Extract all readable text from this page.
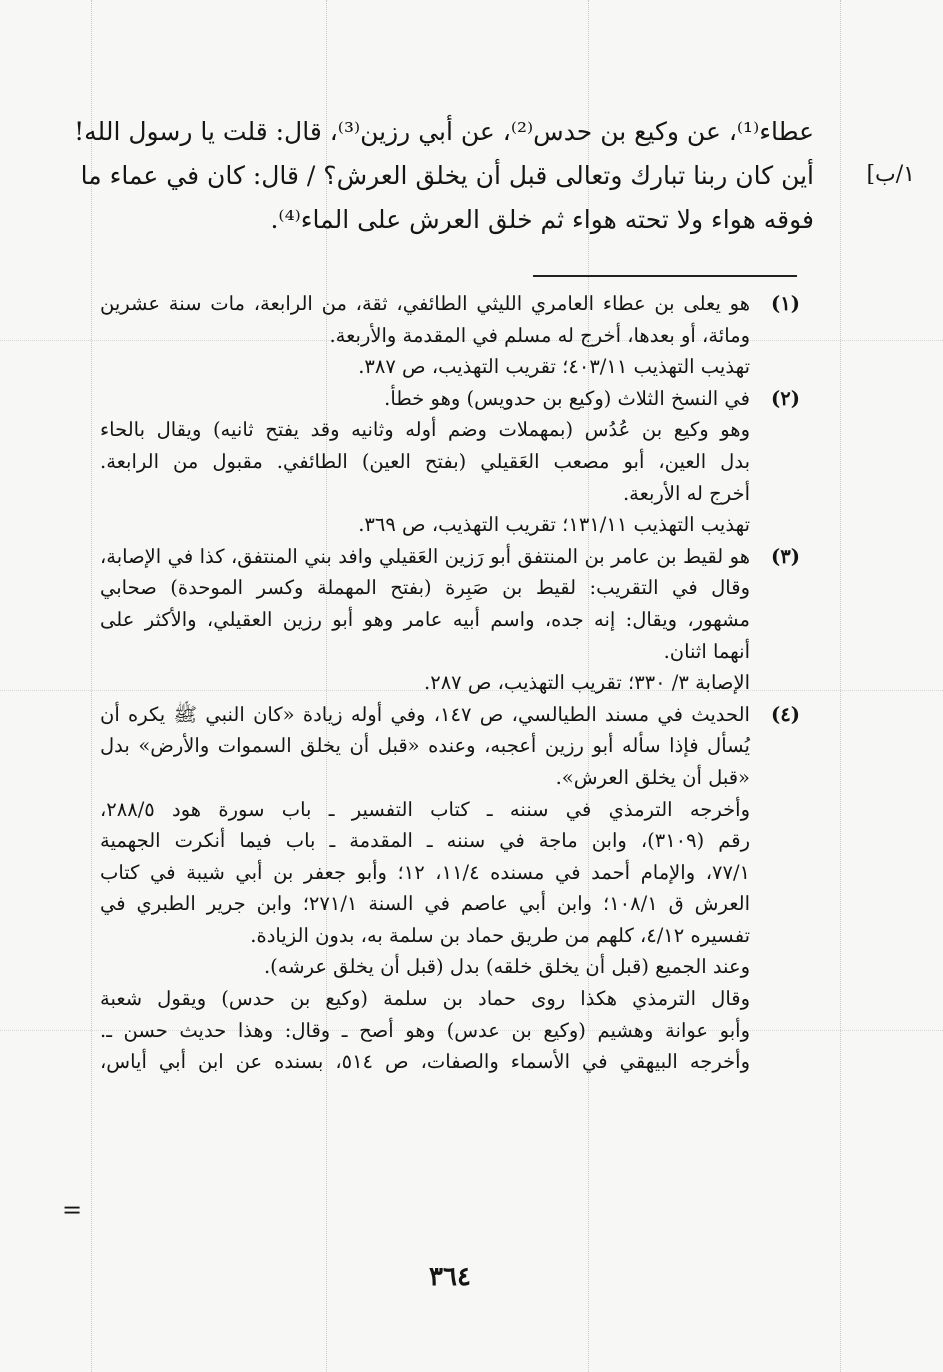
١/ب]
عطاء⁽¹⁾، عن وكيع بن حدس⁽²⁾، عن أبي رزين⁽³⁾، قال: قلت يا رسول الله!
أين كان ربنا تبارك وتعالى قبل أن يخلق العرش؟ / قال: كان في عماء ما
فوقه هواء ولا تحته هواء ثم خلق العرش على الماء⁽⁴⁾.
(١)
هو يعلى بن عطاء العامري الليثي الطائفي، ثقة، من الرابعة، مات سنة عشرين
ومائة، أو بعدها، أخرج له مسلم في المقدمة والأربعة.
تهذيب التهذيب ٤٠٣/١١؛ تقريب التهذيب، ص ٣٨٧.
(٢)
في النسخ الثلاث (وكيع بن حدويس) وهو خطأ.
وهو وكيع بن عُدُس (بمهملات وضم أوله وثانيه وقد يفتح ثانيه) ويقال بالحاء
بدل العين، أبو مصعب العَقيلي (بفتح العين) الطائفي. مقبول من الرابعة.
أخرج له الأربعة.
تهذيب التهذيب ١٣١/١١؛ تقريب التهذيب، ص ٣٦٩.
(٣)
هو لقيط بن عامر بن المنتفق أبو رَزين العَقيلي وافد بني المنتفق، كذا في الإصابة،
وقال في التقريب: لقيط بن صَبِرة (بفتح المهملة وكسر الموحدة) صحابي
مشهور، ويقال: إنه جده، واسم أبيه عامر وهو أبو رزين العقيلي، والأكثر على
أنهما اثنان.
الإصابة ٣/ ٣٣٠؛ تقريب التهذيب، ص ٢٨٧.
(٤)
الحديث في مسند الطيالسي، ص ١٤٧، وفي أوله زيادة «كان النبي ﷺ يكره أن
يُسأل فإذا سأله أبو رزين أعجبه، وعنده «قبل أن يخلق السموات والأرض» بدل
«قبل أن يخلق العرش».
وأخرجه الترمذي في سننه ـ كتاب التفسير ـ باب سورة هود ٢٨٨/٥،
رقم (٣١٠٩)، وابن ماجة في سننه ـ المقدمة ـ باب فيما أنكرت الجهمية
٧٧/١، والإمام أحمد في مسنده ١١/٤، ١٢؛ وأبو جعفر بن أبي شيبة في كتاب
العرش ق ١٠٨/١؛ وابن أبي عاصم في السنة ٢٧١/١؛ وابن جرير الطبري في
تفسيره ٤/١٢، كلهم من طريق حماد بن سلمة به، بدون الزيادة.
وعند الجميع (قبل أن يخلق خلقه) بدل (قبل أن يخلق عرشه).
وقال الترمذي هكذا روى حماد بن سلمة (وكيع بن حدس) ويقول شعبة
وأبو عوانة وهشيم (وكيع بن عدس) وهو أصح ـ وقال: وهذا حديث حسن ـ.
وأخرجه البيهقي في الأسماء والصفات، ص ٥١٤، بسنده عن ابن أبي أياس،
=
٣٦٤
